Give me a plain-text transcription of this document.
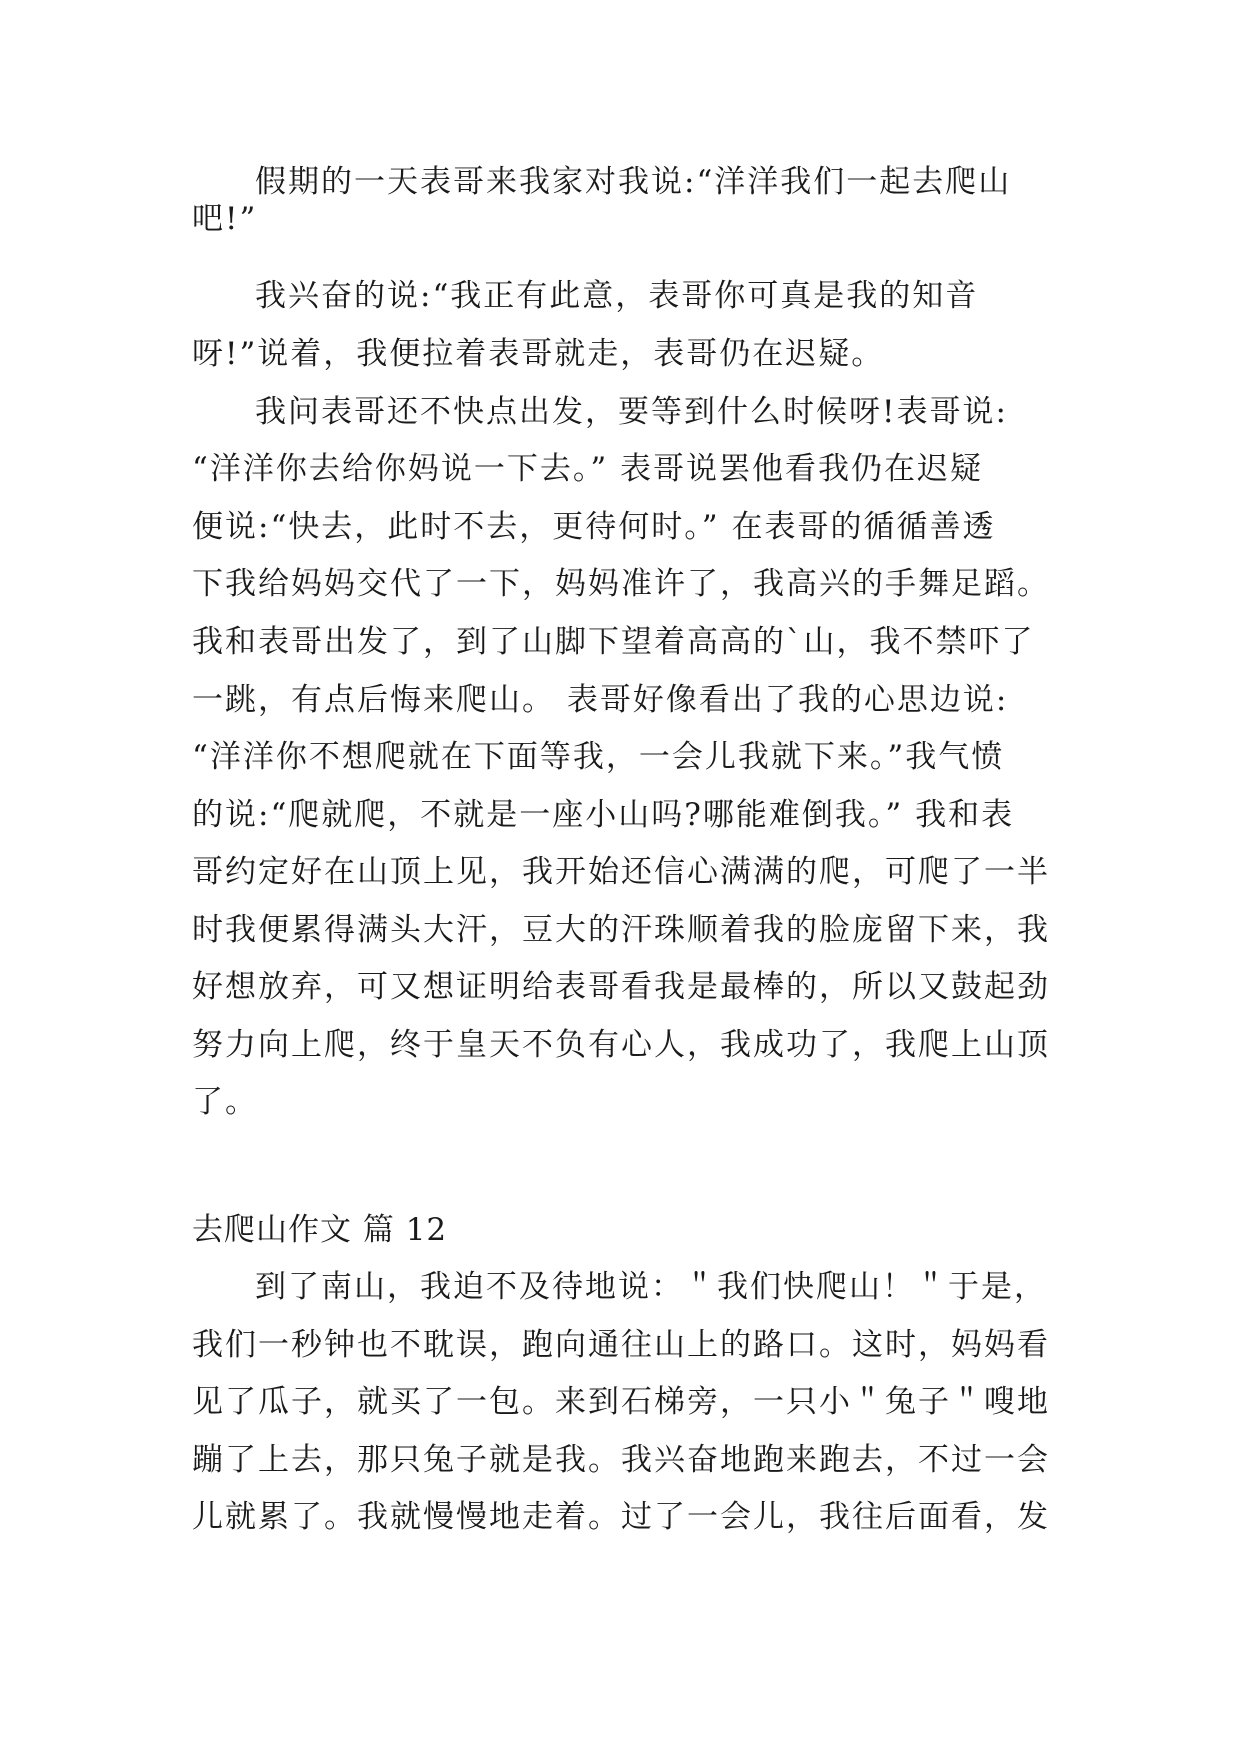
假期的一天表哥来我家对我说:“洋洋我们一起去爬山

吧!”

我兴奋的说:“我正有此意，表哥你可真是我的知音

呀!”说着，我便拉着表哥就走，表哥仍在迟疑。

我问表哥还不快点出发，要等到什么时候呀!表哥说:

“洋洋你去给你妈说一下去。” 表哥说罢他看我仍在迟疑

便说:“快去，此时不去，更待何时。” 在表哥的循循善透

下我给妈妈交代了一下，妈妈准许了，我高兴的手舞足蹈。

我和表哥出发了，到了山脚下望着高高的`山，我不禁吓了

一跳，有点后悔来爬山。 表哥好像看出了我的心思边说:

“洋洋你不想爬就在下面等我，一会儿我就下来。”我气愤

的说:“爬就爬，不就是一座小山吗?哪能难倒我。” 我和表

哥约定好在山顶上见，我开始还信心满满的爬，可爬了一半

时我便累得满头大汗，豆大的汗珠顺着我的脸庞留下来，我

好想放弃，可又想证明给表哥看我是最棒的，所以又鼓起劲

努力向上爬，终于皇天不负有心人，我成功了，我爬上山顶

了。

去爬山作文 篇 12

到了南山，我迫不及待地说：＂我们快爬山！＂于是，

我们一秒钟也不耽误，跑向通往山上的路口。这时，妈妈看

见了瓜子，就买了一包。来到石梯旁，一只小＂兔子＂嗖地

蹦了上去，那只兔子就是我。我兴奋地跑来跑去，不过一会

儿就累了。我就慢慢地走着。过了一会儿，我往后面看，发
